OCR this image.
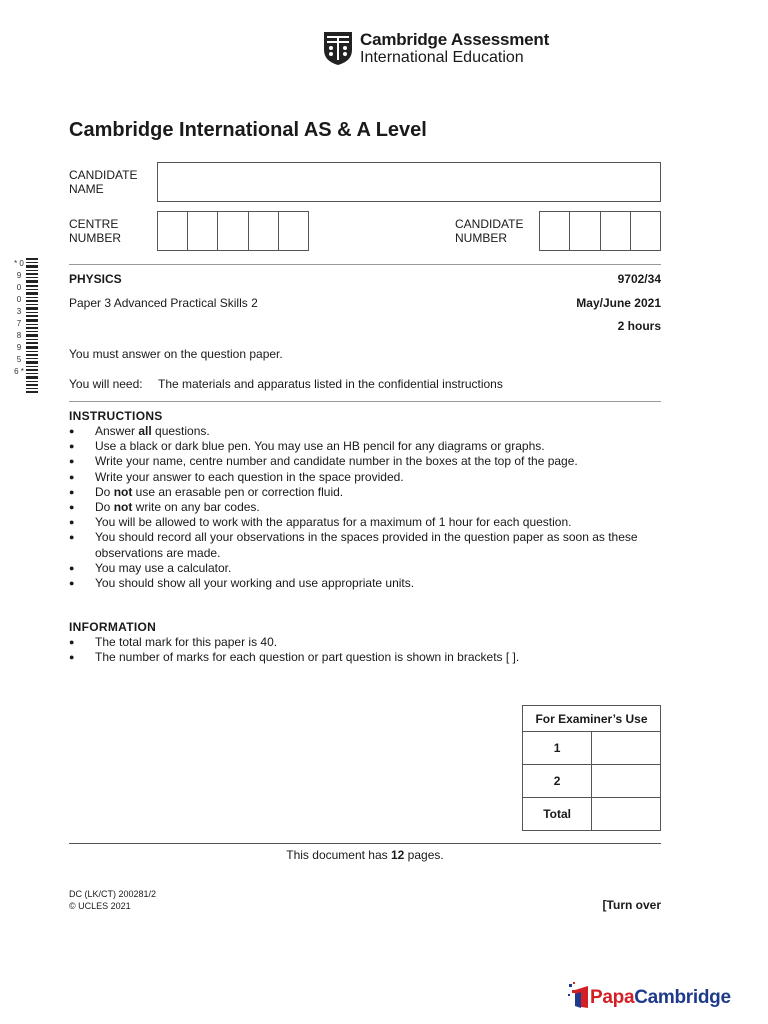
Cambridge Assessment
International Education
Cambridge International AS & A Level
CANDIDATE NAME
CENTRE NUMBER
CANDIDATE NUMBER
* 0 9 0 0 3 7 8 9 5 6 *
PHYSICS	9702/34
Paper 3 Advanced Practical Skills 2	May/June 2021
2 hours
You must answer on the question paper.
You will need: The materials and apparatus listed in the confidential instructions
INSTRUCTIONS
● Answer all questions.
● Use a black or dark blue pen. You may use an HB pencil for any diagrams or graphs.
● Write your name, centre number and candidate number in the boxes at the top of the page.
● Write your answer to each question in the space provided.
● Do not use an erasable pen or correction fluid.
● Do not write on any bar codes.
● You will be allowed to work with the apparatus for a maximum of 1 hour for each question.
● You should record all your observations in the spaces provided in the question paper as soon as these observations are made.
● You may use a calculator.
● You should show all your working and use appropriate units.
INFORMATION
● The total mark for this paper is 40.
● The number of marks for each question or part question is shown in brackets [ ].
For Examiner’s Use	
1	
2	
Total	
This document has 12 pages.
DC (LK/CT) 200281/2
© UCLES 2021	[Turn over
PapaCambridge
